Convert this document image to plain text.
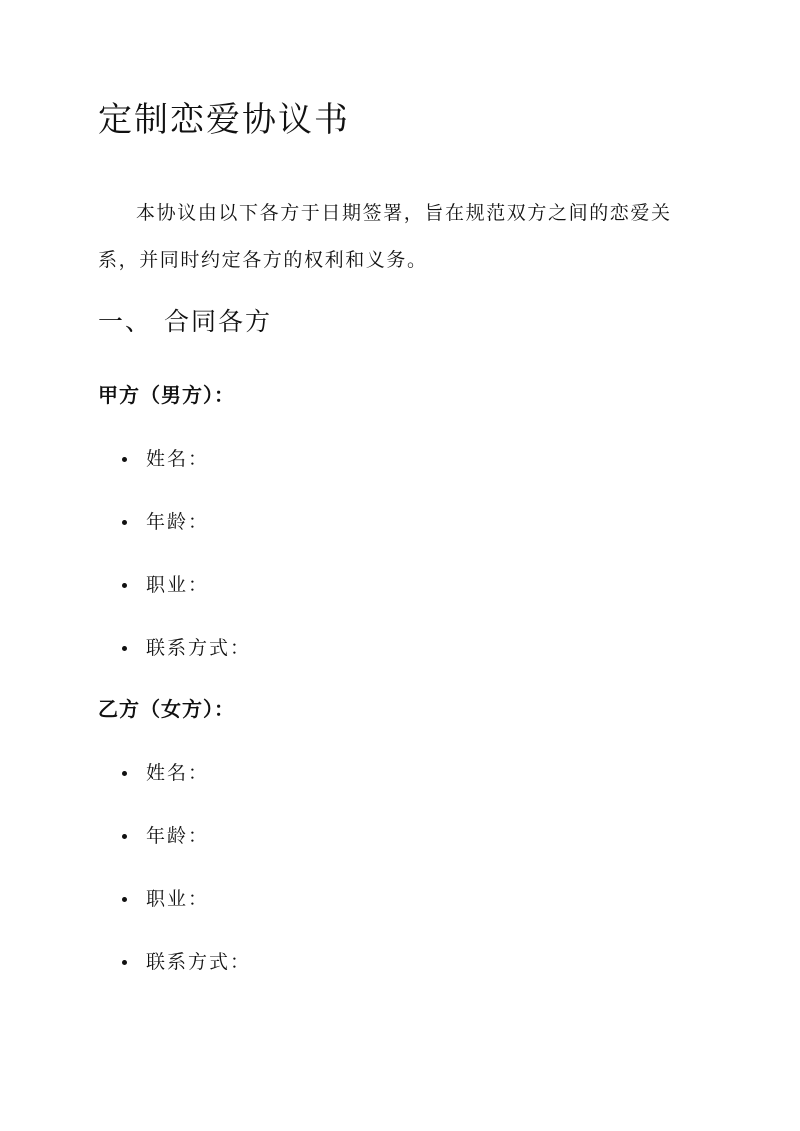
定制恋爱协议书

本协议由以下各方于日期签署，旨在规范双方之间的恋爱关系，并同时约定各方的权利和义务。

一、 合同各方
甲方（男方）：
姓名：
年龄：
职业：
联系方式：
乙方（女方）：
姓名：
年龄：
职业：
联系方式：
